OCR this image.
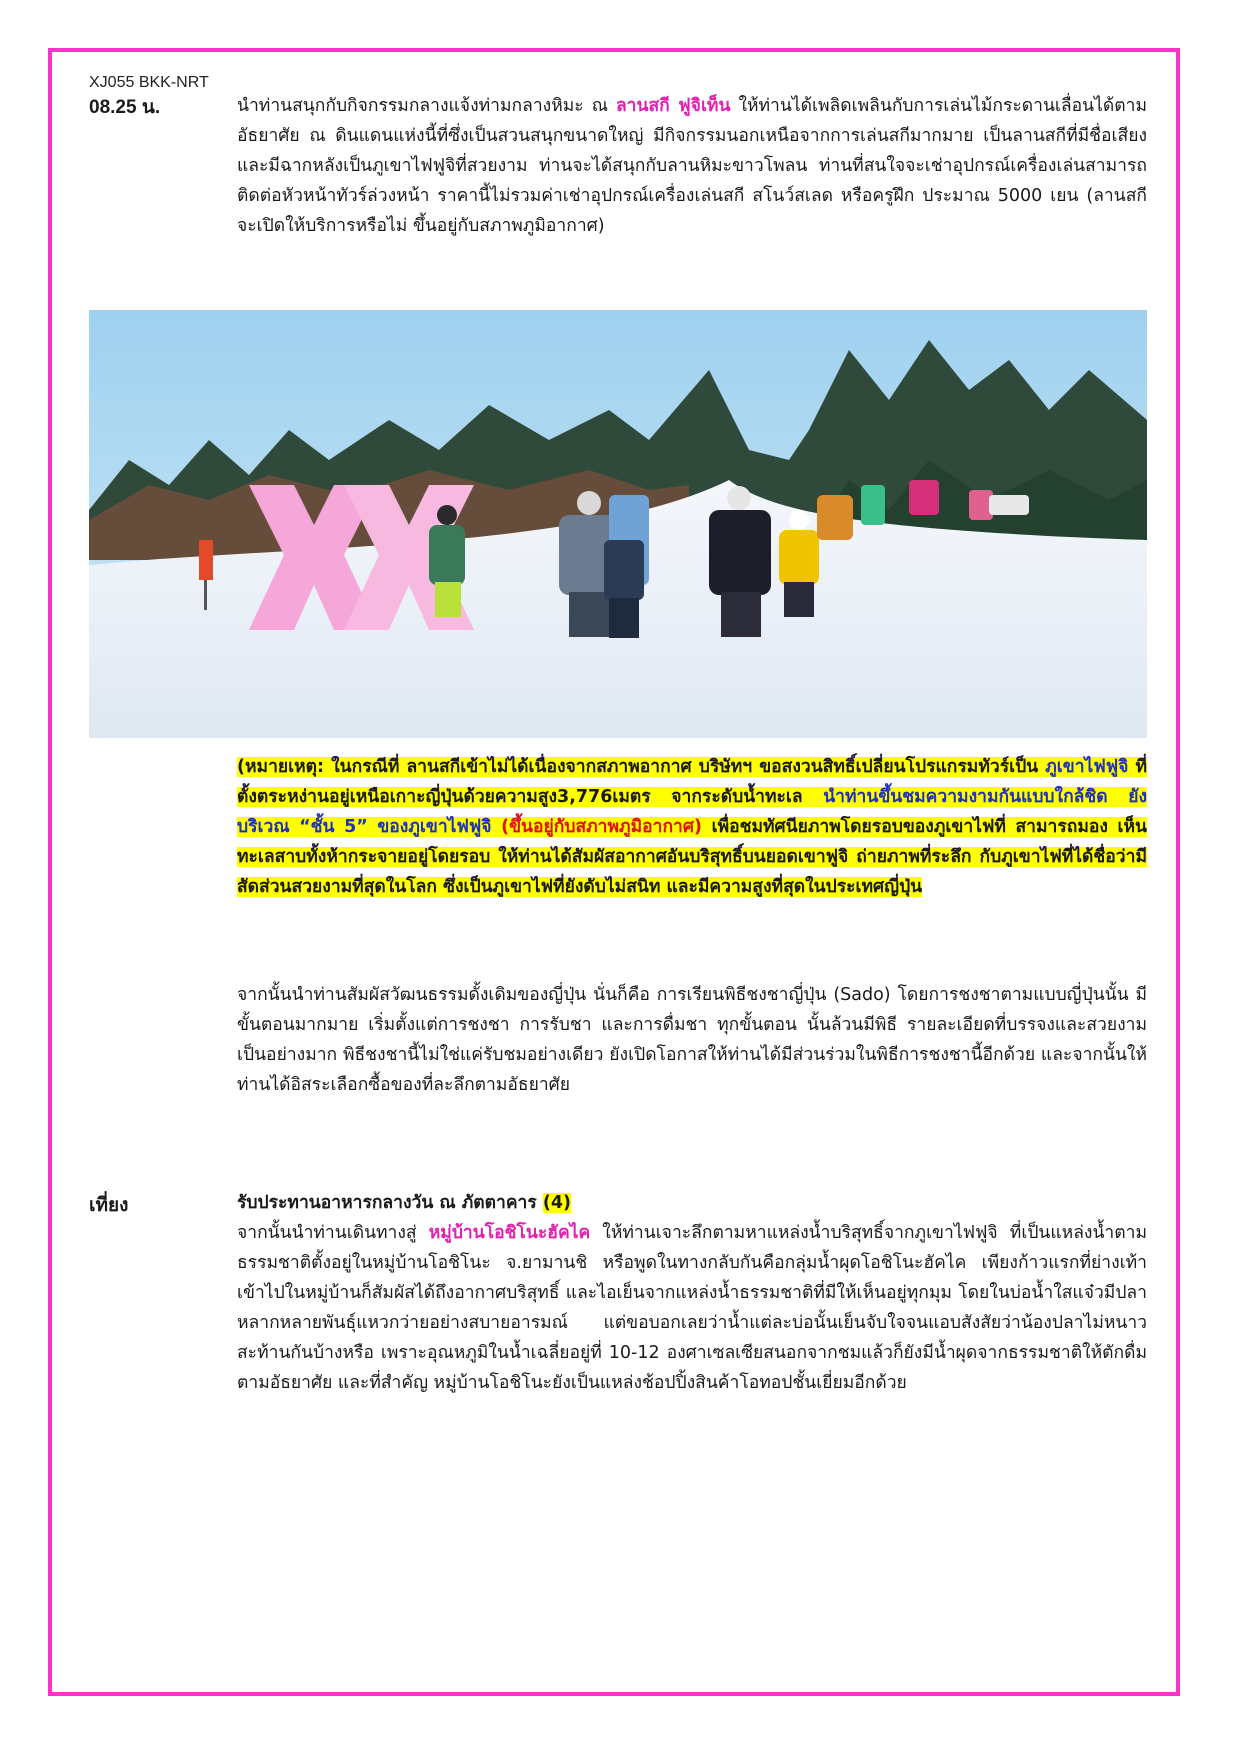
XJ055 BKK-NRT
08.25 น.	นำท่านสนุกกับกิจกรรมกลางแจ้งท่ามกลางหิมะ ณ ลานสกี ฟูจิเท็น ให้ท่านได้เพลิดเพลินกับการเล่นไม้กระดานเลื่อนได้ตามอัธยาศัย ณ ดินแดนแห่งนี้ที่ซึ่งเป็นสวนสนุกขนาดใหญ่ มีกิจกรรมนอกเหนือจากการเล่นสกีมากมาย เป็นลานสกีที่มีชื่อเสียงและมีฉากหลังเป็นภูเขาไฟฟูจิที่สวยงาม ท่านจะได้สนุกกับลานหิมะขาวโพลน ท่านที่สนใจจะเช่าอุปกรณ์เครื่องเล่นสามารถติดต่อหัวหน้าทัวร์ล่วงหน้า ราคานี้ไม่รวมค่าเช่าอุปกรณ์เครื่องเล่นสกี สโนว์สเลด หรือครูฝึก ประมาณ 5000 เยน (ลานสกีจะเปิดให้บริการหรือไม่ ขึ้นอยู่กับสภาพภูมิอากาศ)

(หมายเหตุ: ในกรณีที่ ลานสกีเข้าไม่ได้เนื่องจากสภาพอากาศ บริษัทฯ ขอสงวนสิทธิ์เปลี่ยนโปรแกรมทัวร์เป็น ภูเขาไฟฟูจิ ที่ตั้งตระหง่านอยู่เหนือเกาะญี่ปุ่นด้วยความสูง3,776เมตร จากระดับน้ำทะเล นำท่านขึ้นชมความงามกันแบบใกล้ชิด ยังบริเวณ “ชั้น 5” ของภูเขาไฟฟูจิ (ขึ้นอยู่กับสภาพภูมิอากาศ) เพื่อชมทัศนียภาพโดยรอบของภูเขาไฟที่ สามารถมอง เห็นทะเลสาบทั้งห้ากระจายอยู่โดยรอบ ให้ท่านได้สัมผัสอากาศอันบริสุทธิ์บนยอดเขาฟูจิ ถ่ายภาพที่ระลึก กับภูเขาไฟที่ได้ชื่อว่ามีสัดส่วนสวยงามที่สุดในโลก ซึ่งเป็นภูเขาไฟที่ยังดับไม่สนิท และมีความสูงที่สุดในประเทศญี่ปุ่น

จากนั้นนำท่านสัมผัสวัฒนธรรมดั้งเดิมของญี่ปุ่น นั่นก็คือ การเรียนพิธีชงชาญี่ปุ่น (Sado) โดยการชงชาตามแบบญี่ปุ่นนั้น มีขั้นตอนมากมาย เริ่มตั้งแต่การชงชา การรับชา และการดื่มชา ทุกขั้นตอน นั้นล้วนมีพิธี รายละเอียดที่บรรจงและสวยงามเป็นอย่างมาก พิธีชงชานี้ไม่ใช่แค่รับชมอย่างเดียว ยังเปิดโอกาสให้ท่านได้มีส่วนร่วมในพิธีการชงชานี้อีกด้วย และจากนั้นให้ท่านได้อิสระเลือกซื้อของที่ละลึกตามอัธยาศัย

เที่ยง	รับประทานอาหารกลางวัน ณ ภัตตาคาร (4)

จากนั้นนำท่านเดินทางสู่ หมู่บ้านโอชิโนะฮัคไค ให้ท่านเจาะลึกตามหาแหล่งน้ำบริสุทธิ์จากภูเขาไฟฟูจิ ที่เป็นแหล่งน้ำตามธรรมชาติตั้งอยู่ในหมู่บ้านโอชิโนะ จ.ยามานชิ หรือพูดในทางกลับกันคือกลุ่มน้ำผุดโอชิโนะฮัคไค เพียงก้าวแรกที่ย่างเท้าเข้าไปในหมู่บ้านก็สัมผัสได้ถึงอากาศบริสุทธิ์ และไอเย็นจากแหล่งน้ำธรรมชาติที่มีให้เห็นอยู่ทุกมุม โดยในบ่อน้ำใสแจ๋วมีปลาหลากหลายพันธุ์แหวกว่ายอย่างสบายอารมณ์ แต่ขอบอกเลยว่าน้ำแต่ละบ่อนั้นเย็นจับใจจนแอบสังสัยว่าน้องปลาไม่หนาวสะท้านกันบ้างหรือ เพราะอุณหภูมิในน้ำเฉลี่ยอยู่ที่ 10-12 องศาเซลเซียสนอกจากชมแล้วก็ยังมีน้ำผุดจากธรรมชาติให้ตักดื่มตามอัธยาศัย และที่สำคัญ หมู่บ้านโอชิโนะยังเป็นแหล่งช้อปปิ้งสินค้าโอทอปชั้นเยี่ยมอีกด้วย
